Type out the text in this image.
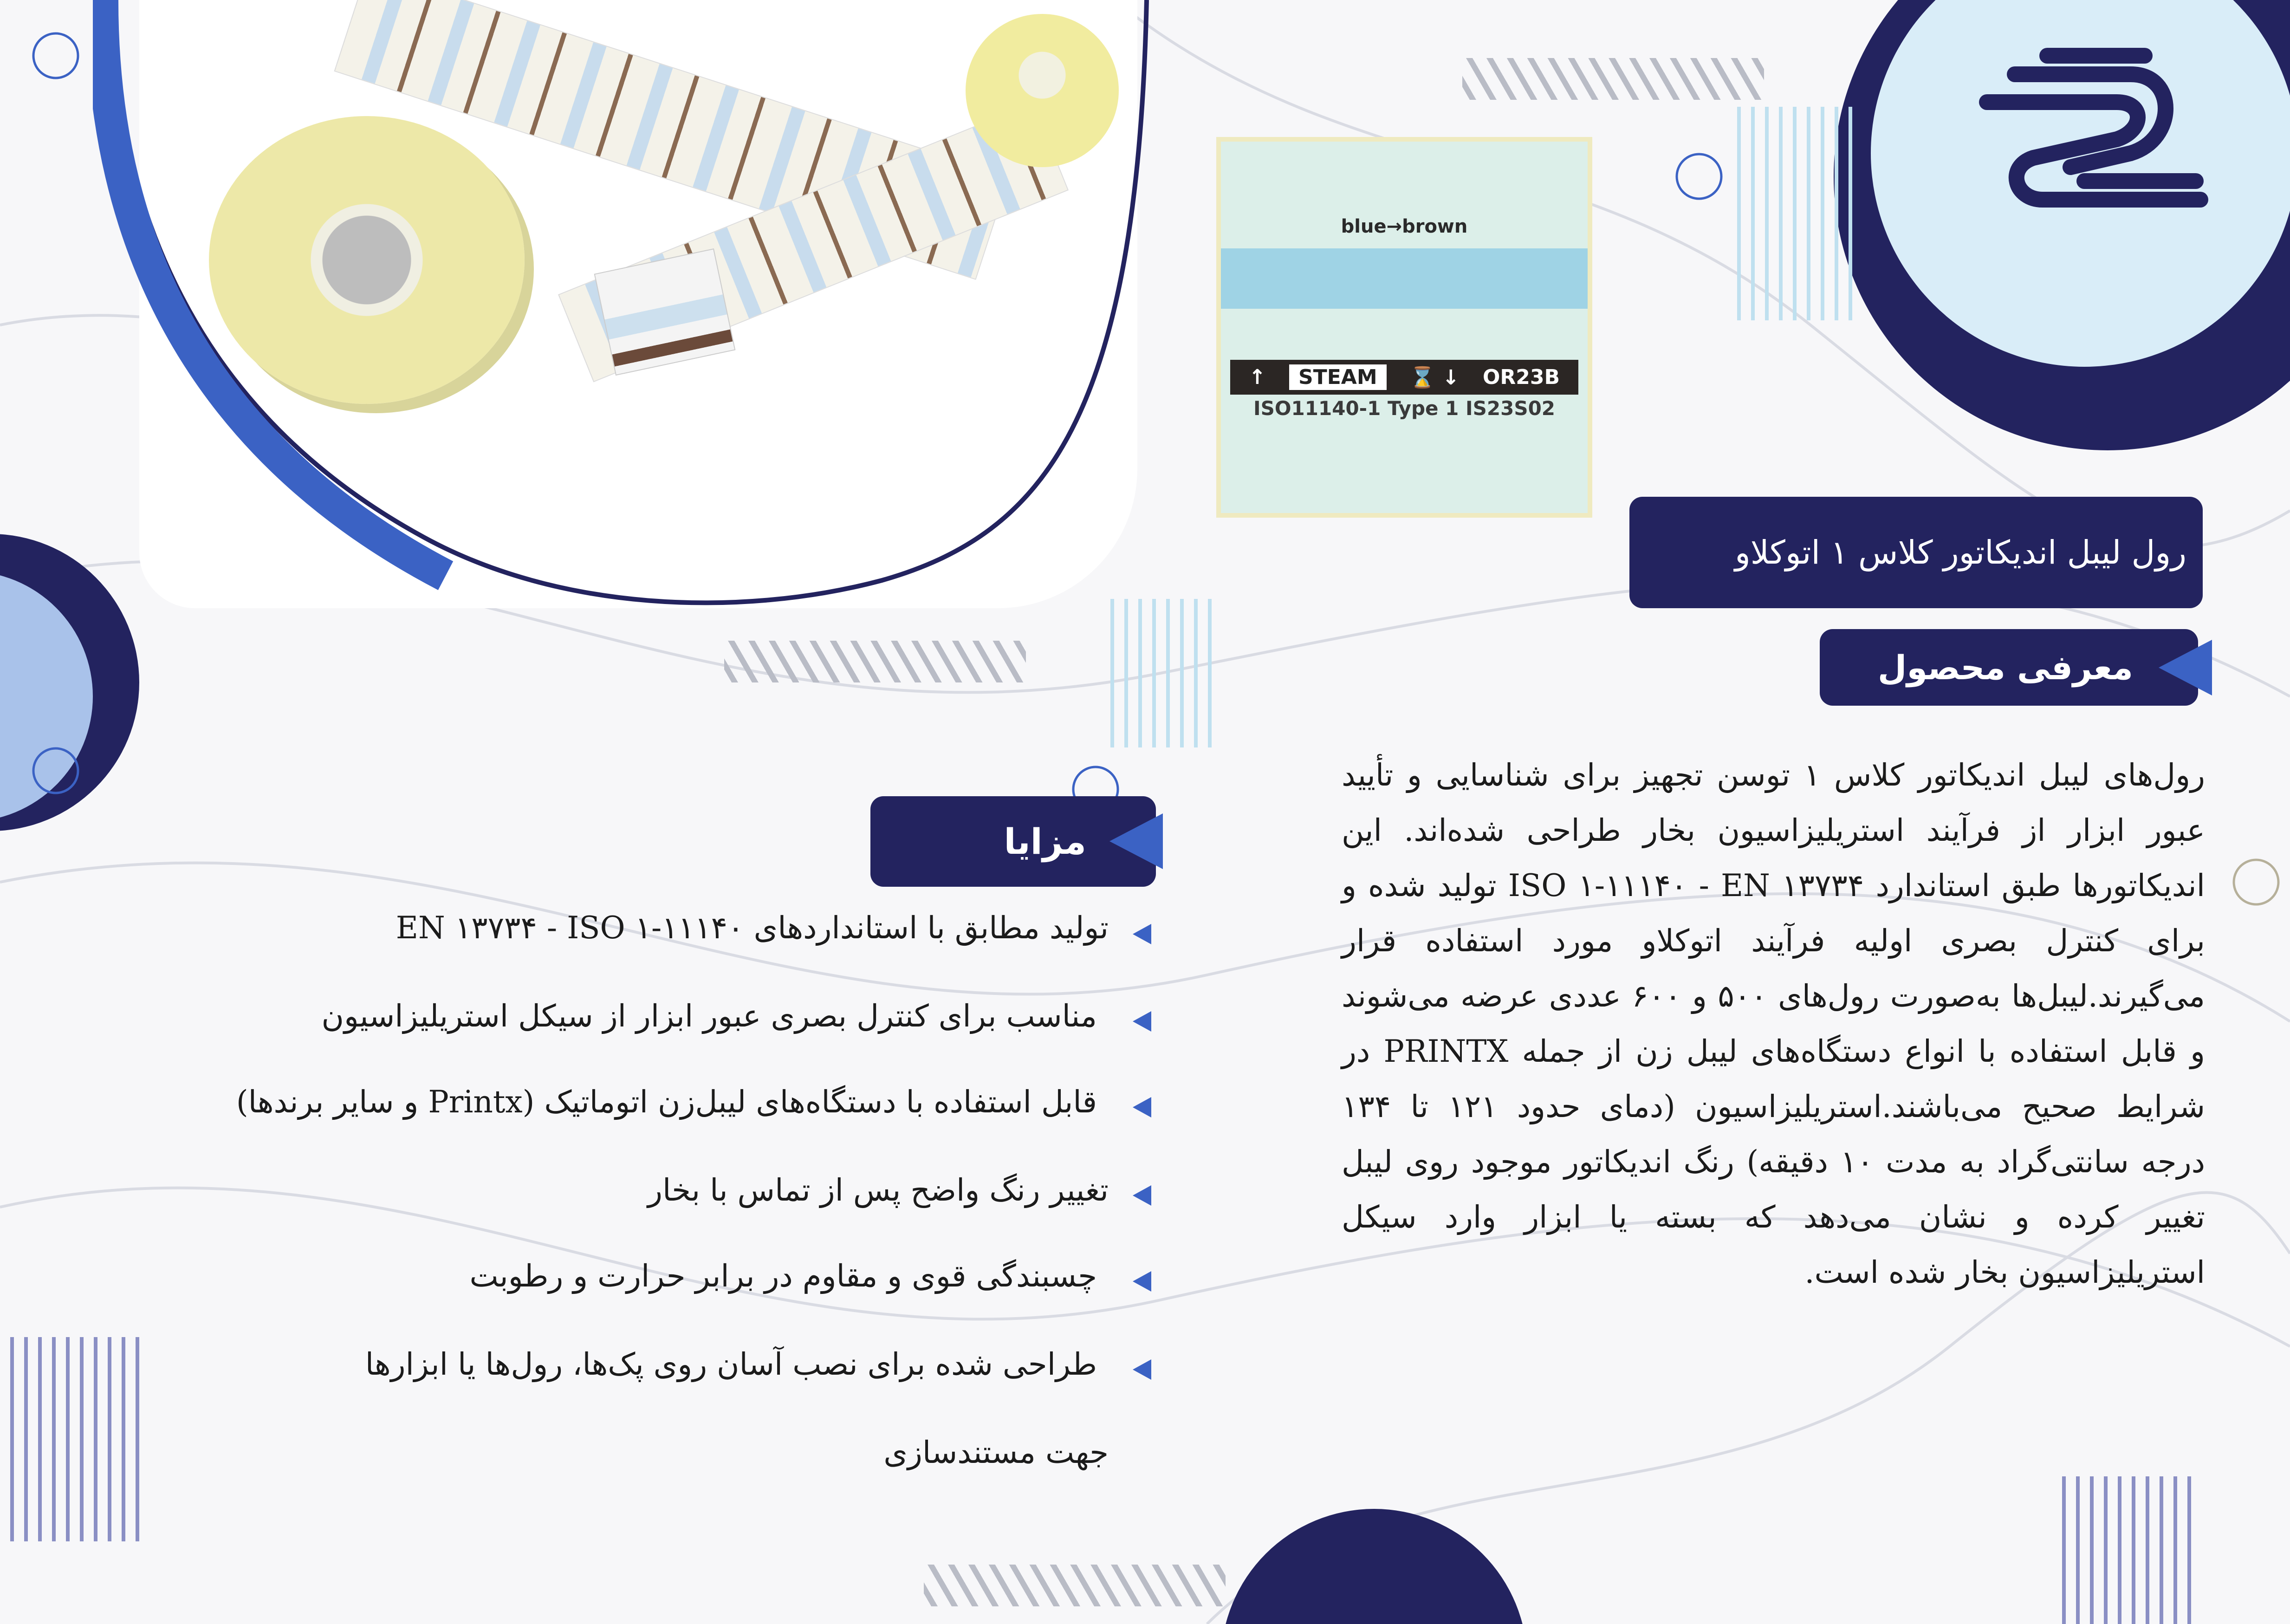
blue→brown
↑	STEAM	⌛ ↓ OR23B
ISO11140-1 Type 1 IS23S02
رول لیبل اندیکاتور کلاس ۱ اتوکلاو
معرفی محصول
رول‌های لیبل اندیکاتور کلاس ۱ توسن تجهیز برای شناسایی و تأیید عبور ابزار از فرآیند استریلیزاسیون بخار طراحی شده‌اند. این اندیکاتورها طبق استاندارد ISO ۱-۱۱۱۴۰ - EN ۱۳۷۳۴ تولید شده و برای کنترل بصری اولیه فرآیند اتوکلاو مورد استفاده قرار می‌گیرند.لیبل‌ها به‌صورت رول‌های ۵۰۰ و ۶۰۰ عددی عرضه می‌شوند و قابل استفاده با انواع دستگاه‌های لیبل زن از جمله PRINTX در شرایط صحیح می‌باشند.استریلیزاسیون (دمای حدود ۱۲۱ تا ۱۳۴ درجه سانتی‌گراد به مدت ۱۰ دقیقه) رنگ اندیکاتور موجود روی لیبل تغییر کرده و نشان می‌دهد که بسته یا ابزار وارد سیکل استریلیزاسیون بخار شده است.
مزایا
تولید مطابق با استانداردهای EN ۱۳۷۳۴ - ISO ۱-۱۱۱۴۰
مناسب برای کنترل بصری عبور ابزار از سیکل استریلیزاسیون
قابل استفاده با دستگاه‌های لیبل‌زن اتوماتیک (Printx و سایر برندها)
تغییر رنگ واضح پس از تماس با بخار
چسبندگی قوی و مقاوم در برابر حرارت و رطوبت
طراحی شده برای نصب آسان روی پک‌ها، رول‌ها یا ابزارها
جهت مستندسازی
